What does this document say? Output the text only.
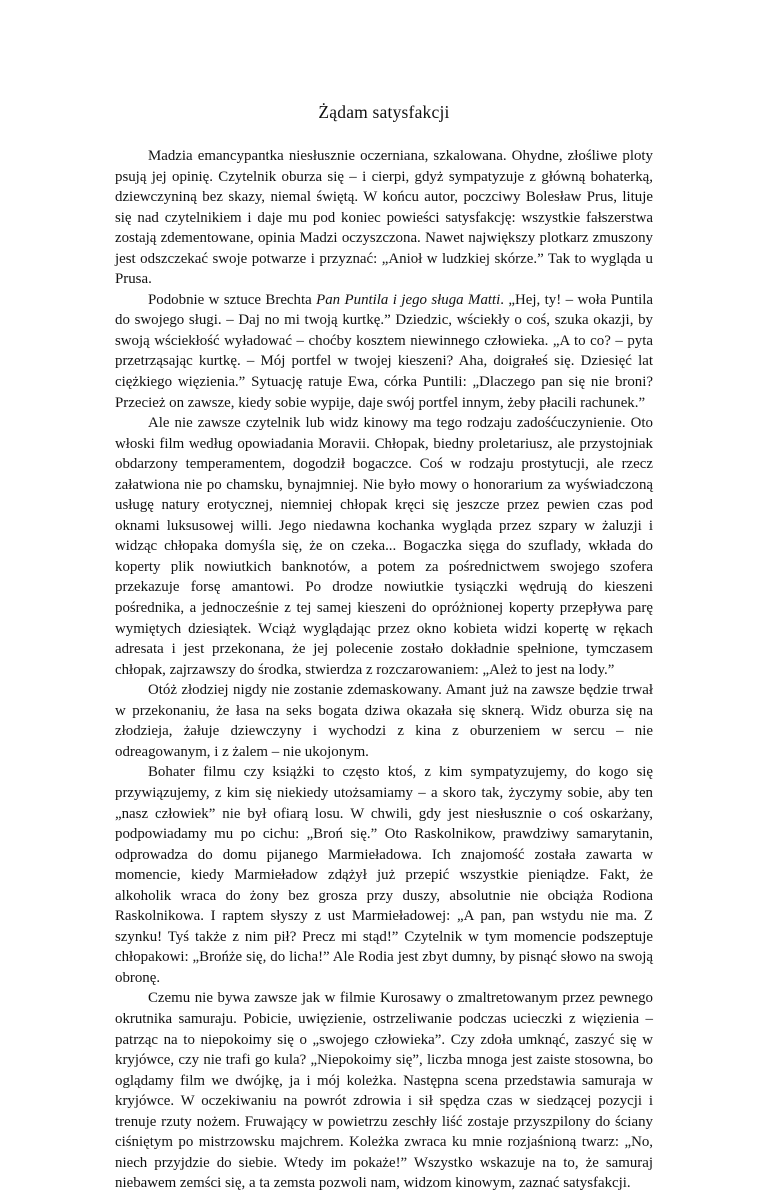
Żądam satysfakcji

Madzia emancypantka niesłusznie oczerniana, szkalowana. Ohydne, złośliwe ploty psują jej opinię. Czytelnik oburza się – i cierpi, gdyż sympatyzuje z główną bohaterką, dziewczyniną bez skazy, niemal świętą. W końcu autor, poczciwy Bolesław Prus, lituje się nad czytelnikiem i daje mu pod koniec powieści satysfakcję: wszystkie fałszerstwa zostają zdementowane, opinia Madzi oczyszczona. Nawet największy plotkarz zmuszony jest odszczekać swoje potwarze i przyznać: „Anioł w ludzkiej skórze.” Tak to wygląda u Prusa.

Podobnie w sztuce Brechta Pan Puntila i jego sługa Matti. „Hej, ty! – woła Puntila do swojego sługi. – Daj no mi twoją kurtkę.” Dziedzic, wściekły o coś, szuka okazji, by swoją wściekłość wyładować – choćby kosztem niewinnego człowieka. „A to co? – pyta przetrząsając kurtkę. – Mój portfel w twojej kieszeni? Aha, doigrałeś się. Dziesięć lat ciężkiego więzienia.” Sytuację ratuje Ewa, córka Puntili: „Dlaczego pan się nie broni? Przecież on zawsze, kiedy sobie wypije, daje swój portfel innym, żeby płacili rachunek.”

Ale nie zawsze czytelnik lub widz kinowy ma tego rodzaju zadośćuczynienie. Oto włoski film według opowiadania Moravii. Chłopak, biedny proletariusz, ale przystojniak obdarzony temperamentem, dogodził bogaczce. Coś w rodzaju prostytucji, ale rzecz załatwiona nie po chamsku, bynajmniej. Nie było mowy o honorarium za wyświadczoną usługę natury erotycznej, niemniej chłopak kręci się jeszcze przez pewien czas pod oknami luksusowej willi. Jego niedawna kochanka wygląda przez szpary w żaluzji i widząc chłopaka domyśla się, że on czeka... Bogaczka sięga do szuflady, wkłada do koperty plik nowiutkich banknotów, a potem za pośrednictwem swojego szofera przekazuje forsę amantowi. Po drodze nowiutkie tysiączki wędrują do kieszeni pośrednika, a jednocześnie z tej samej kieszeni do opróżnionej koperty przepływa parę wymiętych dziesiątek. Wciąż wyglądając przez okno kobieta widzi kopertę w rękach adresata i jest przekonana, że jej polecenie zostało dokładnie spełnione, tymczasem chłopak, zajrzawszy do środka, stwierdza z rozczarowaniem: „Ależ to jest na lody.”

Otóż złodziej nigdy nie zostanie zdemaskowany. Amant już na zawsze będzie trwał w przekonaniu, że łasa na seks bogata dziwa okazała się sknerą. Widz oburza się na złodzieja, żałuje dziewczyny i wychodzi z kina z oburzeniem w sercu – nie odreagowanym, i z żalem – nie ukojonym.

Bohater filmu czy książki to często ktoś, z kim sympatyzujemy, do kogo się przywiązujemy, z kim się niekiedy utożsamiamy – a skoro tak, życzymy sobie, aby ten „nasz człowiek” nie był ofiarą losu. W chwili, gdy jest niesłusznie o coś oskarżany, podpowiadamy mu po cichu: „Broń się.” Oto Raskolnikow, prawdziwy samarytanin, odprowadza do domu pijanego Marmieładowa. Ich znajomość została zawarta w momencie, kiedy Marmieładow zdążył już przepić wszystkie pieniądze. Fakt, że alkoholik wraca do żony bez grosza przy duszy, absolutnie nie obciąża Rodiona Raskolnikowa. I raptem słyszy z ust Marmieładowej: „A pan, pan wstydu nie ma. Z szynku! Tyś także z nim pił? Precz mi stąd!” Czytelnik w tym momencie podszeptuje chłopakowi: „Brońże się, do licha!” Ale Rodia jest zbyt dumny, by pisnąć słowo na swoją obronę.

Czemu nie bywa zawsze jak w filmie Kurosawy o zmaltretowanym przez pewnego okrutnika samuraju. Pobicie, uwięzienie, ostrzeliwanie podczas ucieczki z więzienia – patrząc na to niepokoimy się o „swojego człowieka”. Czy zdoła umknąć, zaszyć się w kryjówce, czy nie trafi go kula? „Niepokoimy się”, liczba mnoga jest zaiste stosowna, bo oglądamy film we dwójkę, ja i mój koleżka. Następna scena przedstawia samuraja w kryjówce. W oczekiwaniu na powrót zdrowia i sił spędza czas w siedzącej pozycji i trenuje rzuty nożem. Fruwający w powietrzu zeschły liść zostaje przyszpilony do ściany ciśniętym po mistrzowsku majchrem. Koleżka zwraca ku mnie rozjaśnioną twarz: „No, niech przyjdzie do siebie. Wtedy im pokaże!” Wszystko wskazuje na to, że samuraj niebawem zemści się, a ta zemsta pozwoli nam, widzom kinowym, zaznać satysfakcji.
